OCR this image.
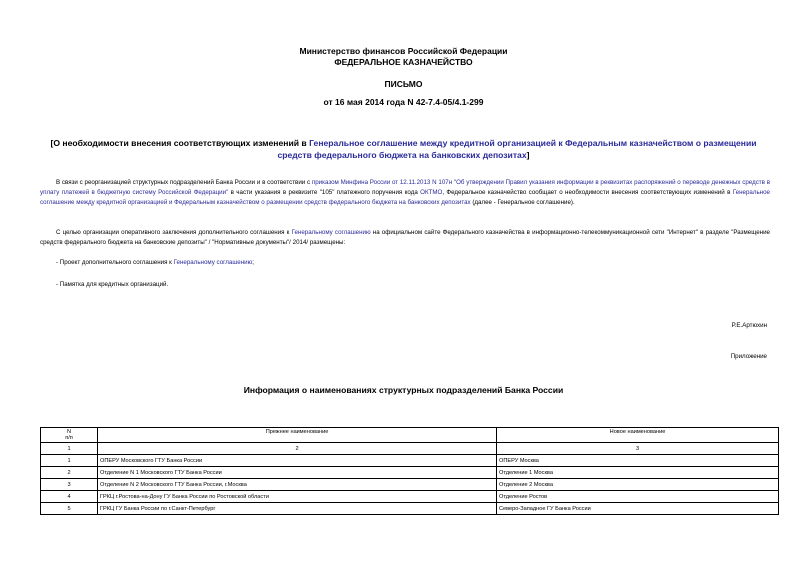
Министерство финансов Российской Федерации
ФЕДЕРАЛЬНОЕ КАЗНАЧЕЙСТВО
ПИСЬМО
от 16 мая 2014 года N 42-7.4-05/4.1-299
[О необходимости внесения соответствующих изменений в Генеральное соглашение между кредитной организацией к Федеральным казначейством о размещении средств федерального бюджета на банковских депозитах]
В связи с реорганизацией структурных подразделений Банка России и в соответствии с приказом Минфина России от 12.11.2013 N 107н "Об утверждении Правил указания информации в реквизитах распоряжений о переводе денежных средств в уплату платежей в бюджетную систему Российской Федерации" в части указания в реквизите "105" платежного поручения кода ОКТМО, Федеральное казначейство сообщает о необходимости внесения соответствующих изменений в Генеральное соглашение между кредитной организацией и Федеральным казначейством о размещении средств федерального бюджета на банковских депозитах (далее - Генеральное соглашение).
С целью организации оперативного заключения дополнительного соглашения к Генеральному соглашению на официальном сайте Федерального казначейства в информационно-телекоммуникационной сети "Интернет" в разделе "Размещение средств федерального бюджета на банковские депозиты" / "Нормативные документы"/ 2014/ размещены:
- Проект дополнительного соглашения к Генеральному соглашению;
- Памятка для кредитных организаций.
Р.Е.Артюхин
Приложение
Информация о наименованиях структурных подразделений Банка России
N
п/п	Прежнее наименование	Новое наименование
1	2	3
1	ОПЕРУ Московского ГТУ Банка России	ОПЕРУ Москва
2	Отделение N 1 Московского ГТУ Банка России	Отделение 1 Москва
3	Отделение N 2 Московского ГТУ Банка России, г.Москва	Отделение 2 Москва
4	ГРКЦ г.Ростова-на-Дону ГУ Банка России по Ростовской области	Отделение Ростов
5	ГРКЦ ГУ Банка России по г.Санкт-Петербург	Северо-Западное ГУ Банка России
